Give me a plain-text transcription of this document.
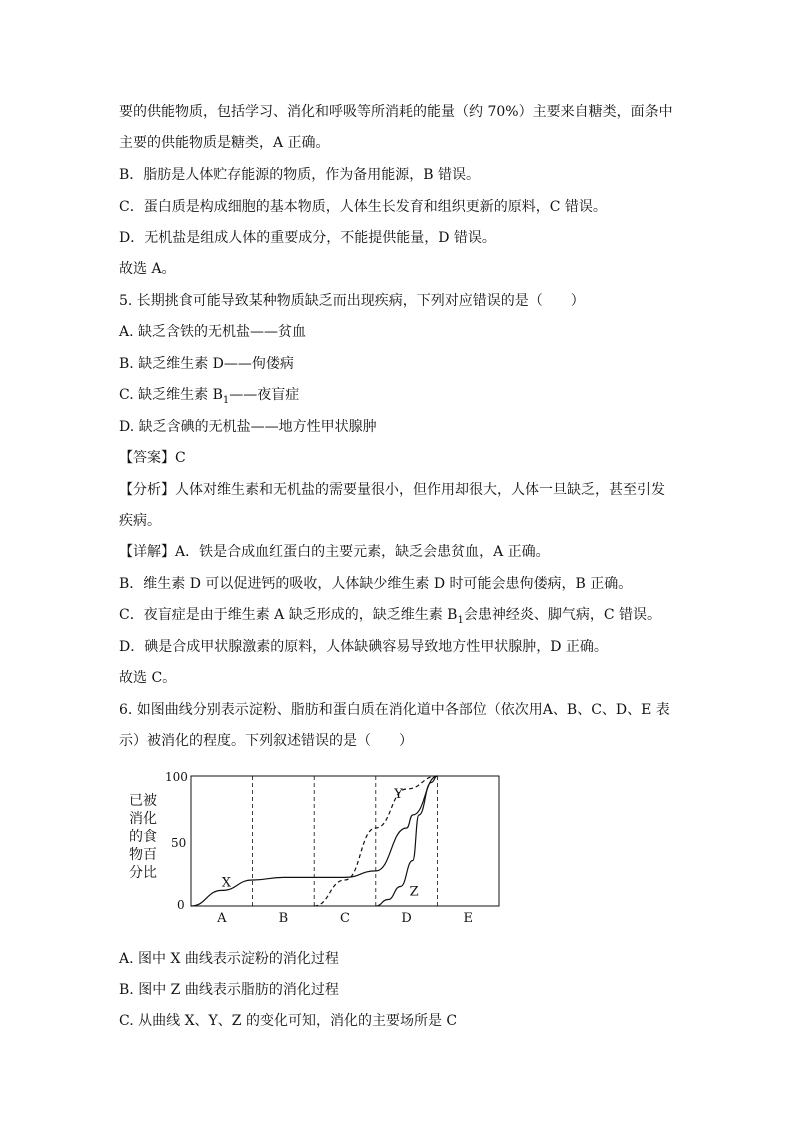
要的供能物质，包括学习、消化和呼吸等所消耗的能量（约 70%）主要来自糖类，面条中
主要的供能物质是糖类，A 正确。
B．脂肪是人体贮存能源的物质，作为备用能源，B 错误。
C．蛋白质是构成细胞的基本物质，人体生长发育和组织更新的原料，C 错误。
D．无机盐是组成人体的重要成分，不能提供能量，D 错误。
故选 A。
5. 长期挑食可能导致某种物质缺乏而出现疾病，下列对应错误的是（　　）
A. 缺乏含铁的无机盐——贫血
B. 缺乏维生素 D——佝偻病
C. 缺乏维生素 $B_1——$夜盲症
D. 缺乏含碘的无机盐——地方性甲状腺肿
【答案】C
【分析】人体对维生素和无机盐的需要量很小，但作用却很大，人体一旦缺乏，甚至引发
疾病。
【详解】A．铁是合成血红蛋白的主要元素，缺乏会患贫血，A 正确。
B．维生素 D 可以促进钙的吸收，人体缺少维生素 D 时可能会患佝偻病，B 正确。
C．夜盲症是由于维生素 A 缺乏形成的，缺乏维生素 $B_1$会患神经炎、脚气病，C 错误。
D．碘是合成甲状腺激素的原料，人体缺碘容易导致地方性甲状腺肿，D 正确。
故选 C。
6. 如图曲线分别表示淀粉、脂肪和蛋白质在消化道中各部位（依次用A、B、C、D、E 表
示）被消化的程度。下列叙述错误的是（　　）
A. 图中 X 曲线表示淀粉的消化过程
B. 图中 Z 曲线表示脂肪的消化过程
C. 从曲线 X、Y、Z 的变化可知，消化的主要场所是 C
已被
消化
的食
物百
分比
100
50
0
A	B	C	D	E
X
Y
Z
